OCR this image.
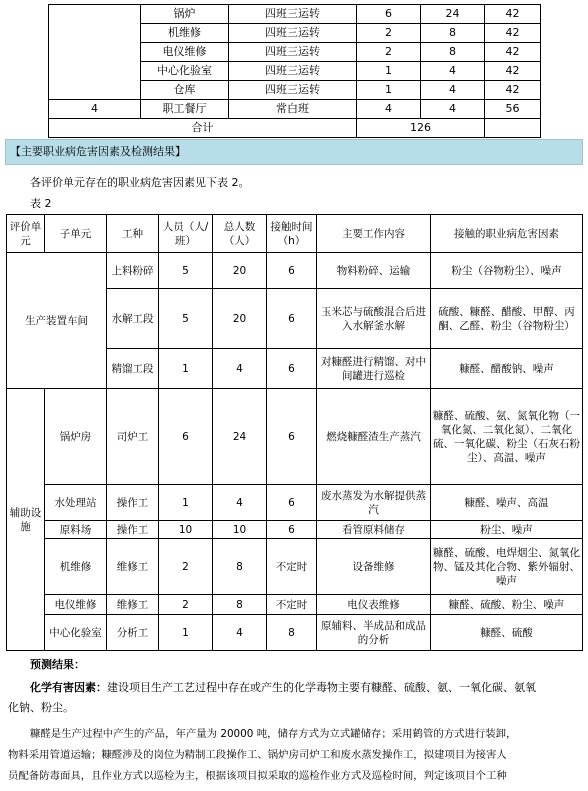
	锅炉	四班三运转	6	24	42
	机维修	四班三运转	2	8	42
	电仪维修	四班三运转	2	8	42
	中心化验室	四班三运转	1	4	42
	仓库	四班三运转	1	4	42
4	职工餐厅	常白班	4	4	56
合计			126		
【主要职业病危害因素及检测结果】
各评价单元存在的职业病危害因素见下表 2。
表 2
评价单元	子单元	工种	人员（人/班）	总人数（人）	接触时间（h）	主要工作内容	接触的职业病危害因素
生产装置车间		上料粉碎	5	20	6	物料粉碎、运输	粉尘（谷物粉尘）、噪声
		水解工段	5	20	6	玉米芯与硫酸混合后进入水解釜水解	硫酸、糠醛、醋酸、甲醇、丙酮、乙醛、粉尘（谷物粉尘）
		精馏工段	1	4	6	对糠醛进行精馏、对中间罐进行巡检	糠醛、醋酸钠、噪声
辅助设施	锅炉房	司炉工	6	24	6	燃烧糠醛渣生产蒸汽	糠醛、硫酸、氨、氮氧化物（一氧化氮、二氧化氮）、二氧化硫、一氧化碳、粉尘（石灰石粉尘）、高温、噪声
	水处理站	操作工	1	4	6	废水蒸发为水解提供蒸汽	糠醛、噪声、高温
	原料场	操作工	10	10	6	看管原料储存	粉尘、噪声
	机维修	维修工	2	8	不定时	设备维修	糠醛、硫酸、电焊烟尘、氮氧化物、锰及其化合物、紫外辐射、噪声
	电仪维修	维修工	2	8	不定时	电仪表维修	糠醛、硫酸、粉尘、噪声
	中心化验室	分析工	1	4	8	原辅料、半成品和成品的分析	糠醛、硫酸
预测结果：
化学有害因素：建设项目生产工艺过程中存在或产生的化学毒物主要有糠醛、硫酸、氨、一氧化碳、氨氧
化钠、粉尘。
糠醛是生产过程中产生的产品，年产量为 20000 吨，储存方式为立式罐储存；采用鹤管的方式进行装卸，
物料采用管道运输；糠醛涉及的岗位为精制工段操作工、锅炉房司炉工和废水蒸发操作工，拟建项目为接害人
员配备防毒面具，且作业方式以巡检为主，根据该项目拟采取的巡检作业方式及巡检时间，判定该项目个工种
